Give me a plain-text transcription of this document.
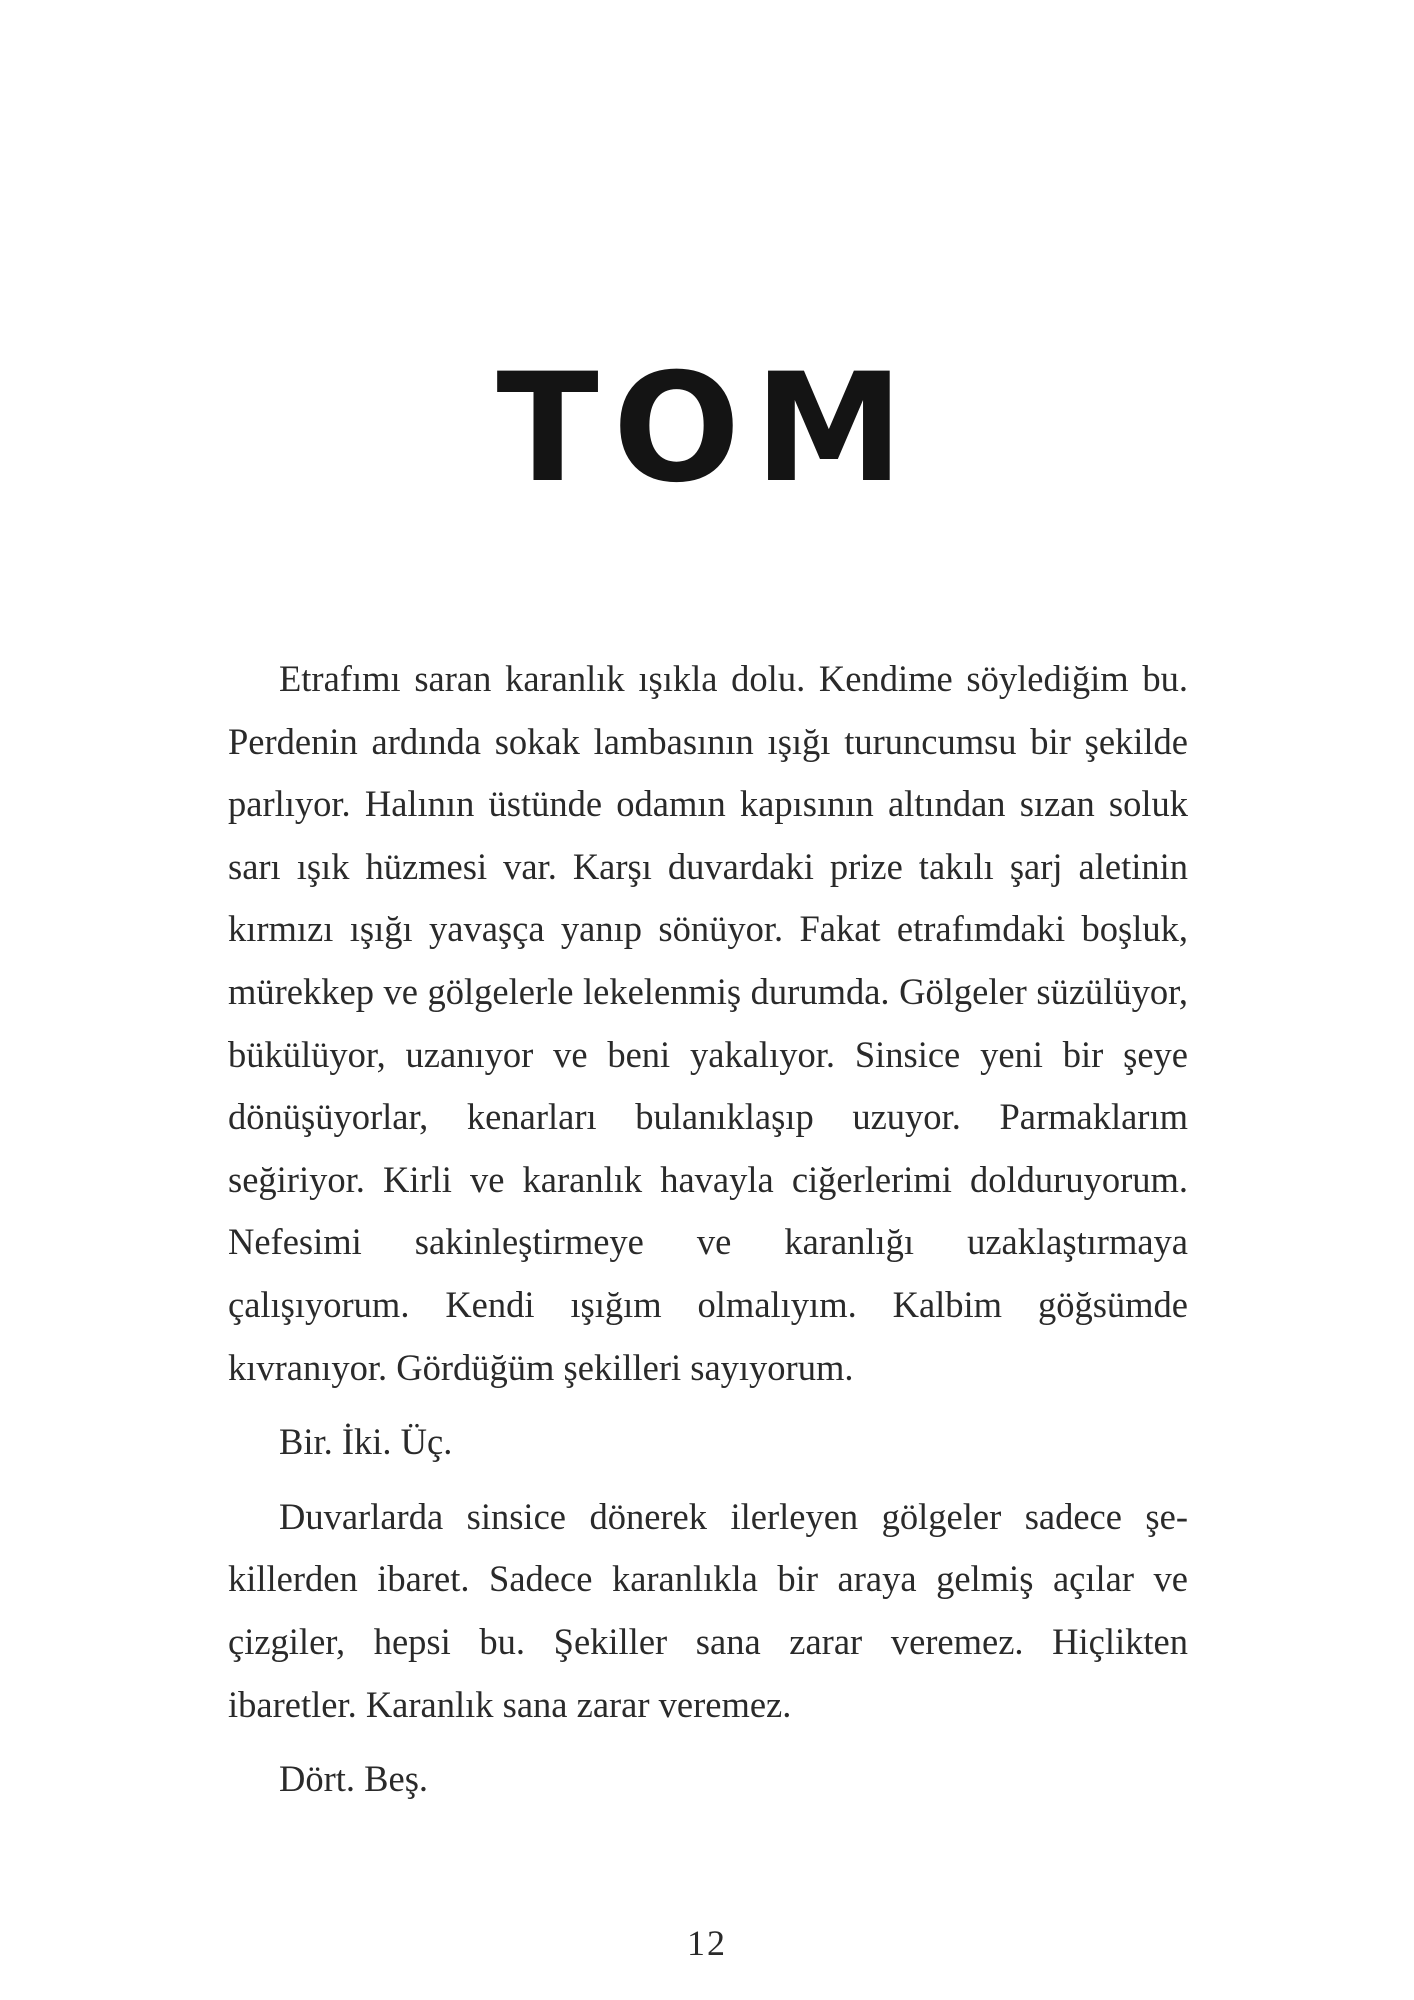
TOM

Etrafımı saran karanlık ışıkla dolu. Kendime söylediğim bu. Perdenin ardında sokak lambasının ışığı turuncumsu bir şekilde parlıyor. Halının üstünde odamın kapısının altından sızan soluk sarı ışık hüzmesi var. Karşı duvardaki prize takılı şarj aletinin kırmızı ışığı yavaşça yanıp sönüyor. Fakat etrafımdaki boşluk, mürekkep ve gölgelerle lekelenmiş durumda. Gölgeler süzülüyor, bükülüyor, uzanıyor ve beni yakalıyor. Sinsice yeni bir şeye dönüşüyorlar, kenarları bulanıklaşıp uzuyor. Parmaklarım seğiriyor. Kirli ve karanlık havayla ciğerlerimi dolduruyorum. Nefesimi sakinleştirmeye ve karanlığı uzaklaştırmaya çalışıyorum. Kendi ışığım olmalıyım. Kalbim göğsümde kıvranıyor. Gördüğüm şekilleri sayıyorum.

Bir. İki. Üç.

Duvarlarda sinsice dönerek ilerleyen gölgeler sadece şekillerden ibaret. Sadece karanlıkla bir araya gelmiş açılar ve çizgiler, hepsi bu. Şekiller sana zarar veremez. Hiçlikten ibaretler. Karanlık sana zarar veremez.

Dört. Beş.

12
